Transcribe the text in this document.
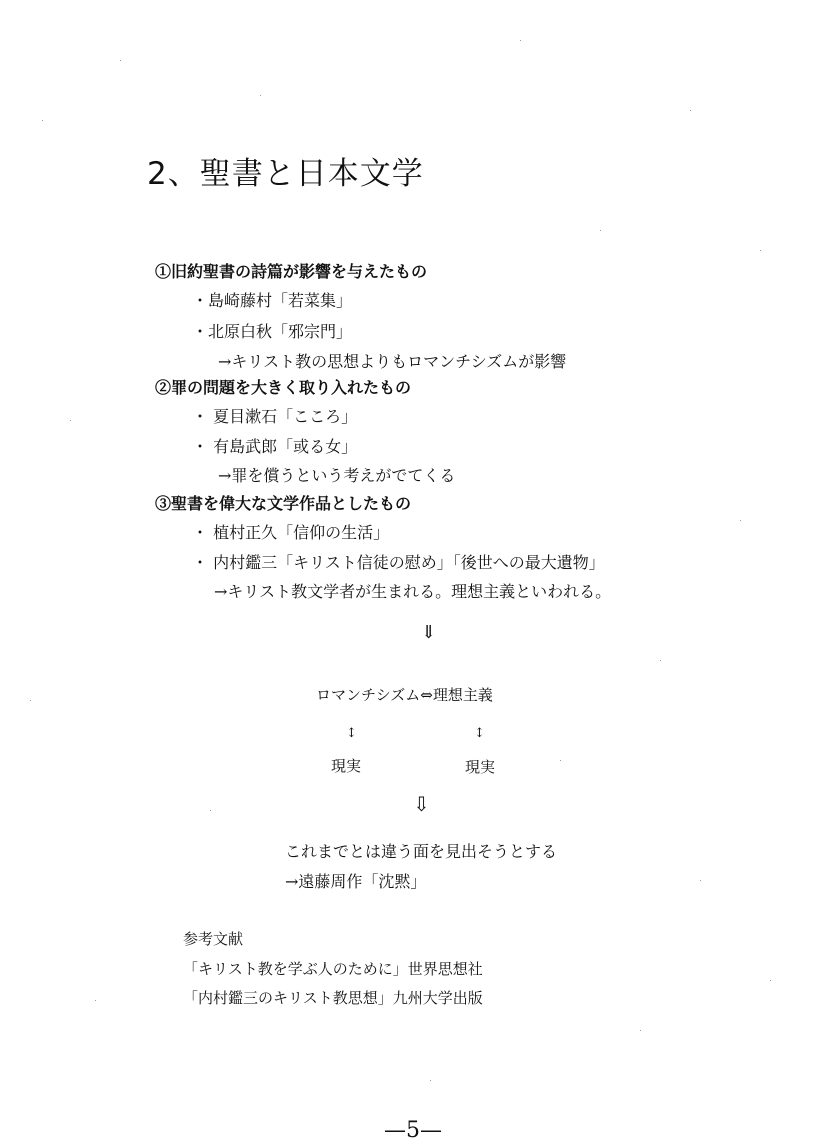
2、聖書と日本文学
①旧約聖書の詩篇が影響を与えたもの
・島崎藤村「若菜集」
・北原白秋「邪宗門」
→キリスト教の思想よりもロマンチシズムが影響
②罪の問題を大きく取り入れたもの
・ 夏目漱石「こころ」
・ 有島武郎「或る女」
→罪を償うという考えがでてくる
③聖書を偉大な文学作品としたもの
・ 植村正久「信仰の生活」
・ 内村鑑三「キリスト信徒の慰め」「後世への最大遺物」
→キリスト教文学者が生まれる。理想主義といわれる。
⇓
ロマンチシズム⇔理想主義
↕	↕
現実	現実
⇩
これまでとは違う面を見出そうとする
→遠藤周作「沈黙」
参考文献
「キリスト教を学ぶ人のために」世界思想社
「内村鑑三のキリスト教思想」九州大学出版
—5—
